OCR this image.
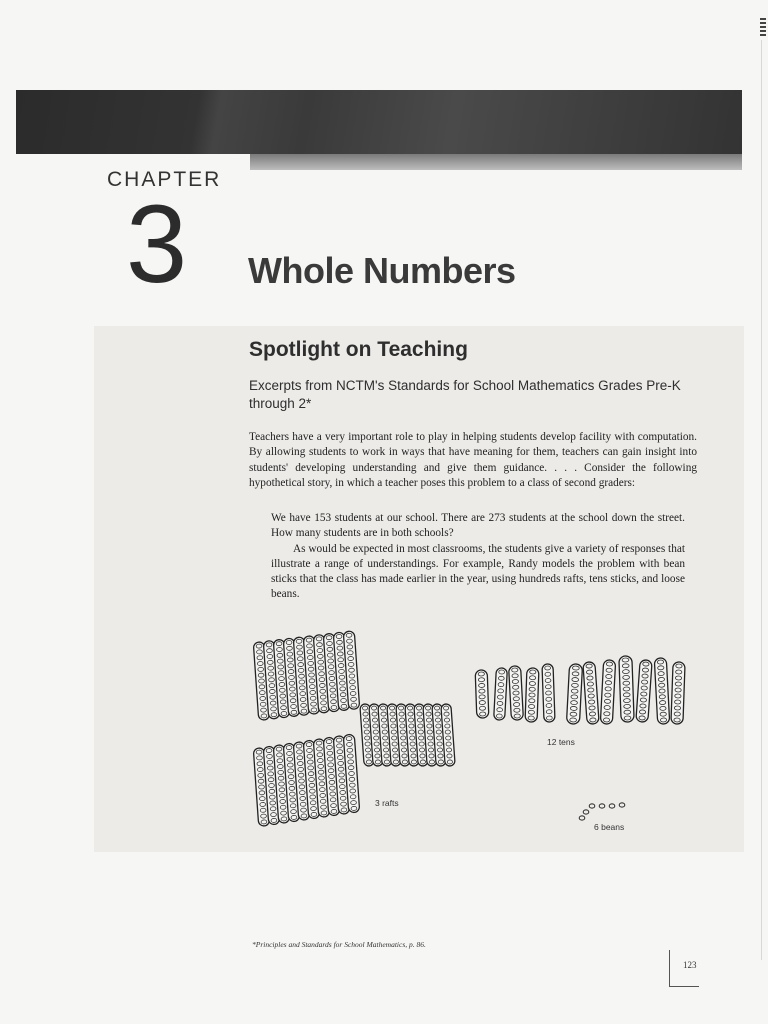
CHAPTER
3 Whole Numbers
Spotlight on Teaching
Excerpts from NCTM's Standards for School Mathematics Grades Pre-K through 2*
Teachers have a very important role to play in helping students develop facility with computation. By allowing students to work in ways that have meaning for them, teachers can gain insight into students' developing understanding and give them guidance. . . . Consider the following hypothetical story, in which a teacher poses this problem to a class of second graders:

We have 153 students at our school. There are 273 students at the school down the street. How many students are in both schools?

As would be expected in most classrooms, the students give a variety of responses that illustrate a range of understandings. For example, Randy models the problem with bean sticks that the class has made earlier in the year, using hundreds rafts, tens sticks, and loose beans.

3 rafts
12 tens
6 beans
*Principles and Standards for School Mathematics, p. 86.
123
